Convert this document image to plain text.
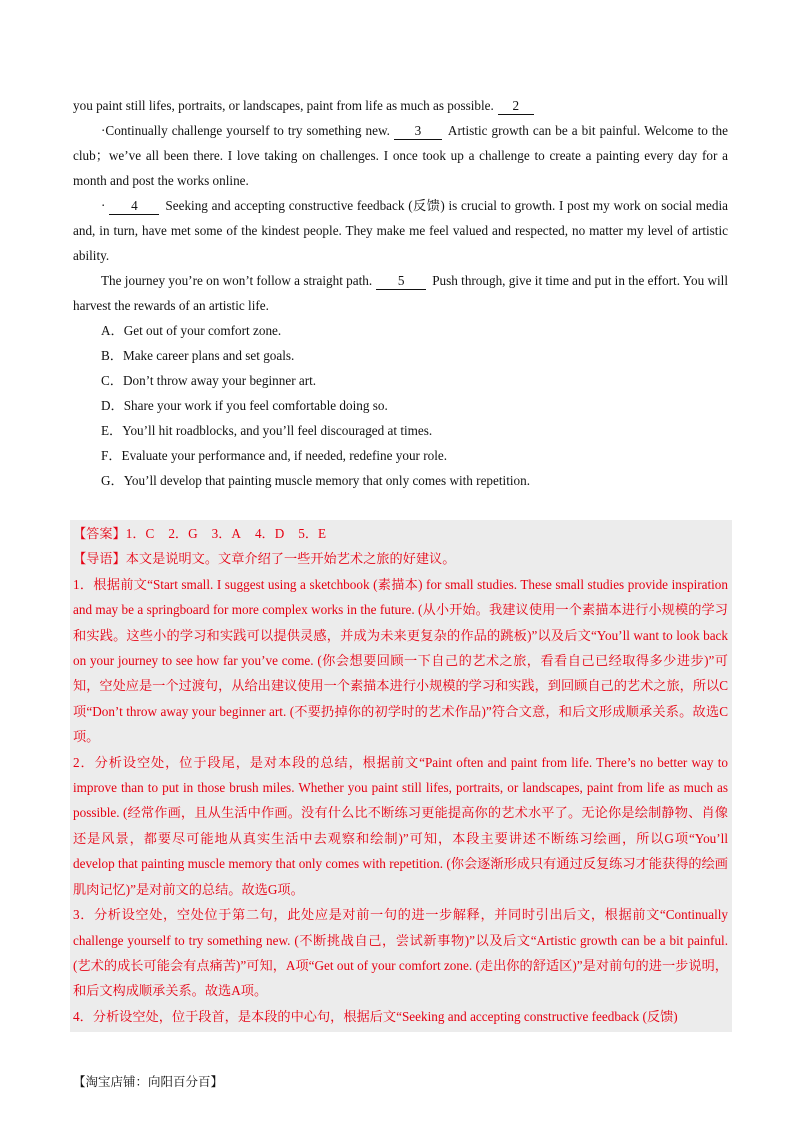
you paint still lifes, portraits, or landscapes, paint from life as much as possible. 2

·Continually challenge yourself to try something new. 3 Artistic growth can be a bit painful. Welcome to the club；we’ve all been there. I love taking on challenges. I once took up a challenge to create a painting every day for a month and post the works online.

· 4 Seeking and accepting constructive feedback (反馈) is crucial to growth. I post my work on social media and, in turn, have met some of the kindest people. They make me feel valued and respected, no matter my level of artistic ability.

The journey you’re on won’t follow a straight path. 5 Push through, give it time and put in the effort. You will harvest the rewards of an artistic life.

A．Get out of your comfort zone.
B．Make career plans and set goals.
C．Don’t throw away your beginner art.
D．Share your work if you feel comfortable doing so.
E．You’ll hit roadblocks, and you’ll feel discouraged at times.
F．Evaluate your performance and, if needed, redefine your role.
G．You’ll develop that painting muscle memory that only comes with repetition.

【答案】1．C 2．G 3．A 4．D 5．E

【导语】本文是说明文。文章介绍了一些开始艺术之旅的好建议。

1．根据前文“Start small. I suggest using a sketchbook (素描本) for small studies. These small studies provide inspiration and may be a springboard for more complex works in the future. (从小开始。我建议使用一个素描本进行小规模的学习和实践。这些小的学习和实践可以提供灵感，并成为未来更复杂的作品的跳板)”以及后文“You’ll want to look back on your journey to see how far you’ve come. (你会想要回顾一下自己的艺术之旅，看看自己已经取得多少进步)”可知，空处应是一个过渡句，从给出建议使用一个素描本进行小规模的学习和实践，到回顾自己的艺术之旅，所以C项“Don’t throw away your beginner art. (不要扔掉你的初学时的艺术作品)”符合文意，和后文形成顺承关系。故选C项。

2．分析设空处，位于段尾，是对本段的总结，根据前文“Paint often and paint from life. There’s no better way to improve than to put in those brush miles. Whether you paint still lifes, portraits, or landscapes, paint from life as much as possible. (经常作画，且从生活中作画。没有什么比不断练习更能提高你的艺术水平了。无论你是绘制静物、肖像还是风景，都要尽可能地从真实生活中去观察和绘制)”可知，本段主要讲述不断练习绘画，所以G项“You’ll develop that painting muscle memory that only comes with repetition. (你会逐渐形成只有通过反复练习才能获得的绘画肌肉记忆)”是对前文的总结。故选G项。

3．分析设空处，空处位于第二句，此处应是对前一句的进一步解释，并同时引出后文，根据前文“Continually challenge yourself to try something new. (不断挑战自己，尝试新事物)”以及后文“Artistic growth can be a bit painful. (艺术的成长可能会有点痛苦)”可知，A项“Get out of your comfort zone. (走出你的舒适区)”是对前句的进一步说明，和后文构成顺承关系。故选A项。

4．分析设空处，位于段首，是本段的中心句，根据后文“Seeking and accepting constructive feedback (反馈)

【淘宝店铺：向阳百分百】
